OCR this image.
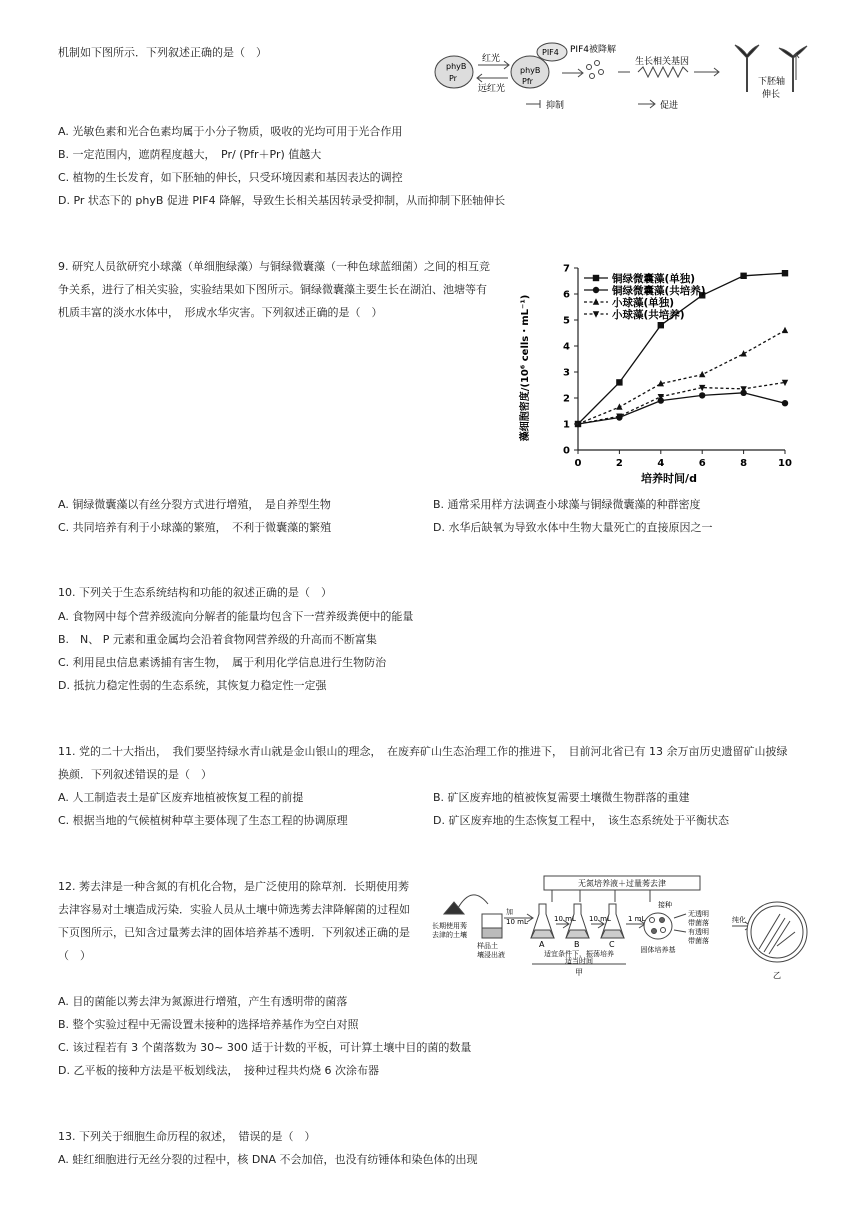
机制如下图所示．下列叙述正确的是（　）
phyB
Pr
红光
远红光
phyB
Pfr
PIF4 PIF4被降解
生长相关基因
下胚轴
伸长
抑制	促进
A. 光敏色素和光合色素均属于小分子物质，吸收的光均可用于光合作用
B. 一定范围内，遮荫程度越大，　Pr/ (Pfr＋Pr) 值越大
C. 植物的生长发育，如下胚轴的伸长，只受环境因素和基因表达的调控
D. Pr 状态下的 phyB 促进 PIF4 降解，导致生长相关基因转录受抑制，从而抑制下胚轴伸长
9. 研究人员欲研究小球藻（单细胞绿藻）与铜绿微囊藻（一种色球蓝细菌）之间的相互竞
争关系，进行了相关实验，实验结果如下图所示。铜绿微囊藻主要生长在湖泊、池塘等有
机质丰富的淡水水体中，　形成水华灾害。下列叙述正确的是（　）
铜绿微囊藻(单独)
铜绿微囊藻(共培养)
小球藻(单独)
小球藻(共培养)
0	2	4	6	8	10
0
1
2
3
4
5
6
7
培养时间/d
藻细胞密度/(10⁶ cells・mL⁻¹)
A. 铜绿微囊藻以有丝分裂方式进行增殖，　是自养型生物	B. 通常采用样方法调查小球藻与铜绿微囊藻的种群密度
C. 共同培养有利于小球藻的繁殖，　不利于微囊藻的繁殖	D. 水华后缺氧为导致水体中生物大量死亡的直接原因之一
10. 下列关于生态系统结构和功能的叙述正确的是（　）
A. 食物网中每个营养级流向分解者的能量均包含下一营养级粪便中的能量
B.　N、 P 元素和重金属均会沿着食物网营养级的升高而不断富集
C. 利用昆虫信息素诱捕有害生物，　属于利用化学信息进行生物防治
D. 抵抗力稳定性弱的生态系统，其恢复力稳定性一定强
11. 党的二十大指出，　我们要坚持绿水青山就是金山银山的理念，　在废弃矿山生态治理工作的推进下，　目前河北省已有 13 余万亩历史遗留矿山披绿
换颜．下列叙述错误的是（　）
A. 人工制造表土是矿区废弃地植被恢复工程的前提	B. 矿区废弃地的植被恢复需要土壤微生物群落的重建
C. 根据当地的气候植树种草主要体现了生态工程的协调原理	D. 矿区废弃地的生态恢复工程中，　该生态系统处于平衡状态
12. 莠去津是一种含氮的有机化合物，是广泛使用的除草剂．长期使用莠
去津容易对土壤造成污染．实验人员从土壤中筛选莠去津降解菌的过程如
下页图所示，已知含过量莠去津的固体培养基不透明．下列叙述正确的是
（　）
无氮培养液＋过量莠去津
长期使用莠
去津的土壤
样品土
壤浸出液
加
10 mL	10 mL 10 mL 1 mL
A	B	C
适宜条件下，振荡培养
适当时间
甲
固体培养基
接种
无透明
带菌落
有透明
带菌落
纯化
乙
A. 目的菌能以莠去津为氮源进行增殖，产生有透明带的菌落
B. 整个实验过程中无需设置未接种的选择培养基作为空白对照
C. 该过程若有 3 个菌落数为 30~ 300 适于计数的平板，可计算土壤中目的菌的数量
D. 乙平板的接种方法是平板划线法，　接种过程共灼烧 6 次涂布器
13. 下列关于细胞生命历程的叙述，　错误的是（　）
A. 蛙红细胞进行无丝分裂的过程中，核 DNA 不会加倍，也没有纺锤体和染色体的出现
